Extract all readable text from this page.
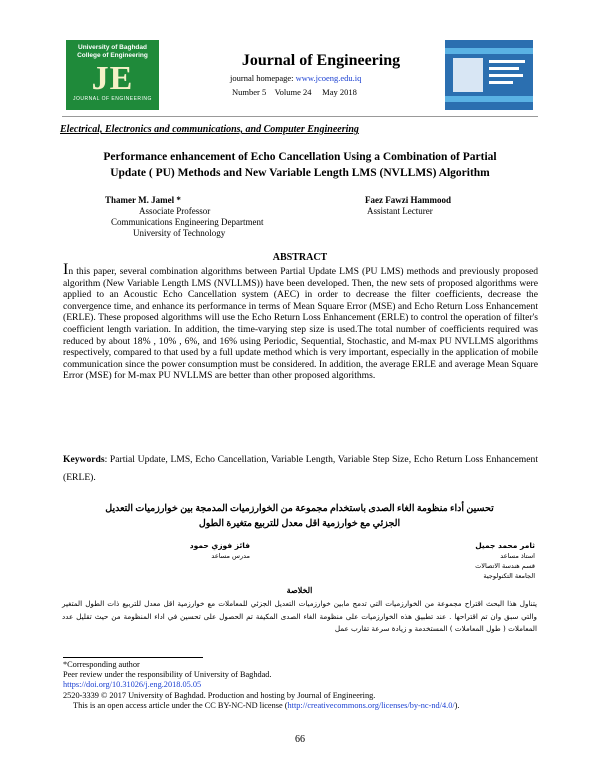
University of Baghdad
College of Engineering
JE
JOURNAL OF ENGINEERING
Journal of Engineering
journal homepage: www.jcoeng.edu.iq
Number 5 Volume 24 May 2018
Electrical, Electronics and communications, and Computer Engineering
Performance enhancement of Echo Cancellation Using a Combination of Partial
Update ( PU) Methods and New Variable Length LMS (NVLLMS) Algorithm
Thamer M. Jamel *
Associate Professor
Communications Engineering Department
University of Technology
Faez Fawzi Hammood
Assistant Lecturer
ABSTRACT
In this paper, several combination algorithms between Partial Update LMS (PU LMS) methods and previously proposed algorithm (New Variable Length LMS (NVLLMS)) have been developed. Then, the new sets of proposed algorithms were applied to an Acoustic Echo Cancellation system (AEC) in order to decrease the filter coefficients, decrease the convergence time, and enhance its performance in terms of Mean Square Error (MSE) and Echo Return Loss Enhancement (ERLE). These proposed algorithms will use the Echo Return Loss Enhancement (ERLE) to control the operation of filter's coefficient length variation. In addition, the time-varying step size is used.The total number of coefficients required was reduced by about 18% , 10% , 6%, and 16% using Periodic, Sequential, Stochastic, and M-max PU NVLLMS algorithms respectively, compared to that used by a full update method which is very important, especially in the application of mobile communication since the power consumption must be considered. In addition, the average ERLE and average Mean Square Error (MSE) for M-max PU NVLLMS are better than other proposed algorithms.
Keywords: Partial Update, LMS, Echo Cancellation, Variable Length, Variable Step Size, Echo Return Loss Enhancement (ERLE).
تحسين أداء منظومة الغاء الصدى باستخدام مجموعة من الخوارزميات المدمجة بين خوارزميات التعديل
الجزئي مع خوارزمية اقل معدل للتربيع متغيرة الطول
ثامر محمد جميل
استاذ مساعد
قسم هندسة الاتصالات
الجامعة التكنولوجية
فائز فوزي حمود
مدرس مساعد
الخلاصة
يتناول هذا البحث اقتراح مجموعة من الخوارزميات التي تدمج مابين خوارزميات التعديل الجزئي للمعاملات مع خوارزمية اقل معدل للتربيع ذات الطول المتغير والتي سبق وان تم اقتراحها . عند تطبيق هذه الخوارزميات على منظومة الغاء الصدى المكيفة تم الحصول على تحسين في اداء المنظومة من حيث تقليل عدد المعاملات ( طول المعاملات ) المستخدمة و زيادة سرعة تقارب عمل
*Corresponding author
Peer review under the responsibility of University of Baghdad.
https://doi.org/10.31026/j.eng.2018.05.05
2520-3339 © 2017 University of Baghdad. Production and hosting by Journal of Engineering.
This is an open access article under the CC BY-NC-ND license (http://creativecommons.org/licenses/by-nc-nd/4.0/).
66
